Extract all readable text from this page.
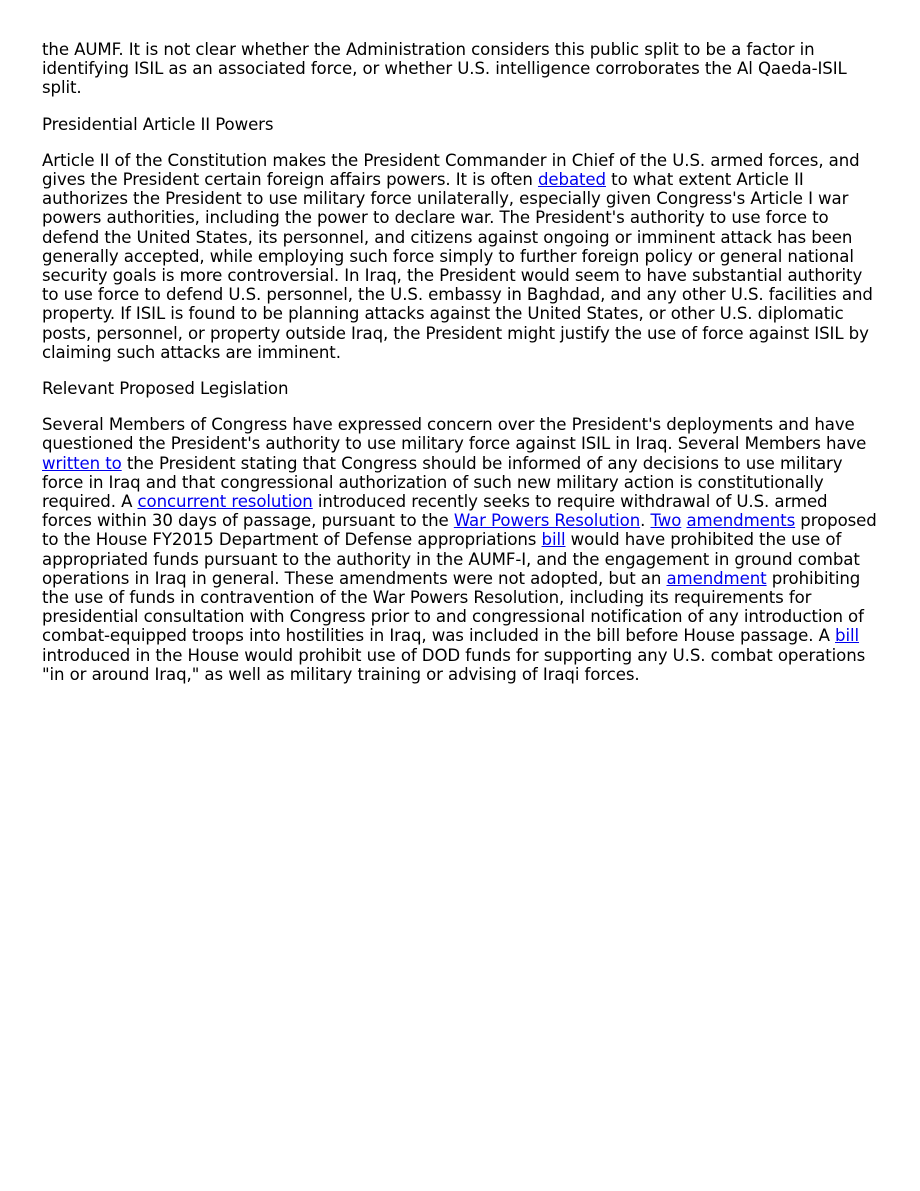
the AUMF. It is not clear whether the Administration considers this public split to be a factor in identifying ISIL as an associated force, or whether U.S. intelligence corroborates the Al Qaeda-ISIL split.

Presidential Article II Powers

Article II of the Constitution makes the President Commander in Chief of the U.S. armed forces, and gives the President certain foreign affairs powers. It is often debated to what extent Article II authorizes the President to use military force unilaterally, especially given Congress's Article I war powers authorities, including the power to declare war. The President's authority to use force to defend the United States, its personnel, and citizens against ongoing or imminent attack has been generally accepted, while employing such force simply to further foreign policy or general national security goals is more controversial. In Iraq, the President would seem to have substantial authority to use force to defend U.S. personnel, the U.S. embassy in Baghdad, and any other U.S. facilities and property. If ISIL is found to be planning attacks against the United States, or other U.S. diplomatic posts, personnel, or property outside Iraq, the President might justify the use of force against ISIL by claiming such attacks are imminent.

Relevant Proposed Legislation

Several Members of Congress have expressed concern over the President's deployments and have questioned the President's authority to use military force against ISIL in Iraq. Several Members have written to the President stating that Congress should be informed of any decisions to use military force in Iraq and that congressional authorization of such new military action is constitutionally required. A concurrent resolution introduced recently seeks to require withdrawal of U.S. armed forces within 30 days of passage, pursuant to the War Powers Resolution. Two amendments proposed to the House FY2015 Department of Defense appropriations bill would have prohibited the use of appropriated funds pursuant to the authority in the AUMF-I, and the engagement in ground combat operations in Iraq in general. These amendments were not adopted, but an amendment prohibiting the use of funds in contravention of the War Powers Resolution, including its requirements for presidential consultation with Congress prior to and congressional notification of any introduction of combat-equipped troops into hostilities in Iraq, was included in the bill before House passage. A bill introduced in the House would prohibit use of DOD funds for supporting any U.S. combat operations "in or around Iraq," as well as military training or advising of Iraqi forces.
